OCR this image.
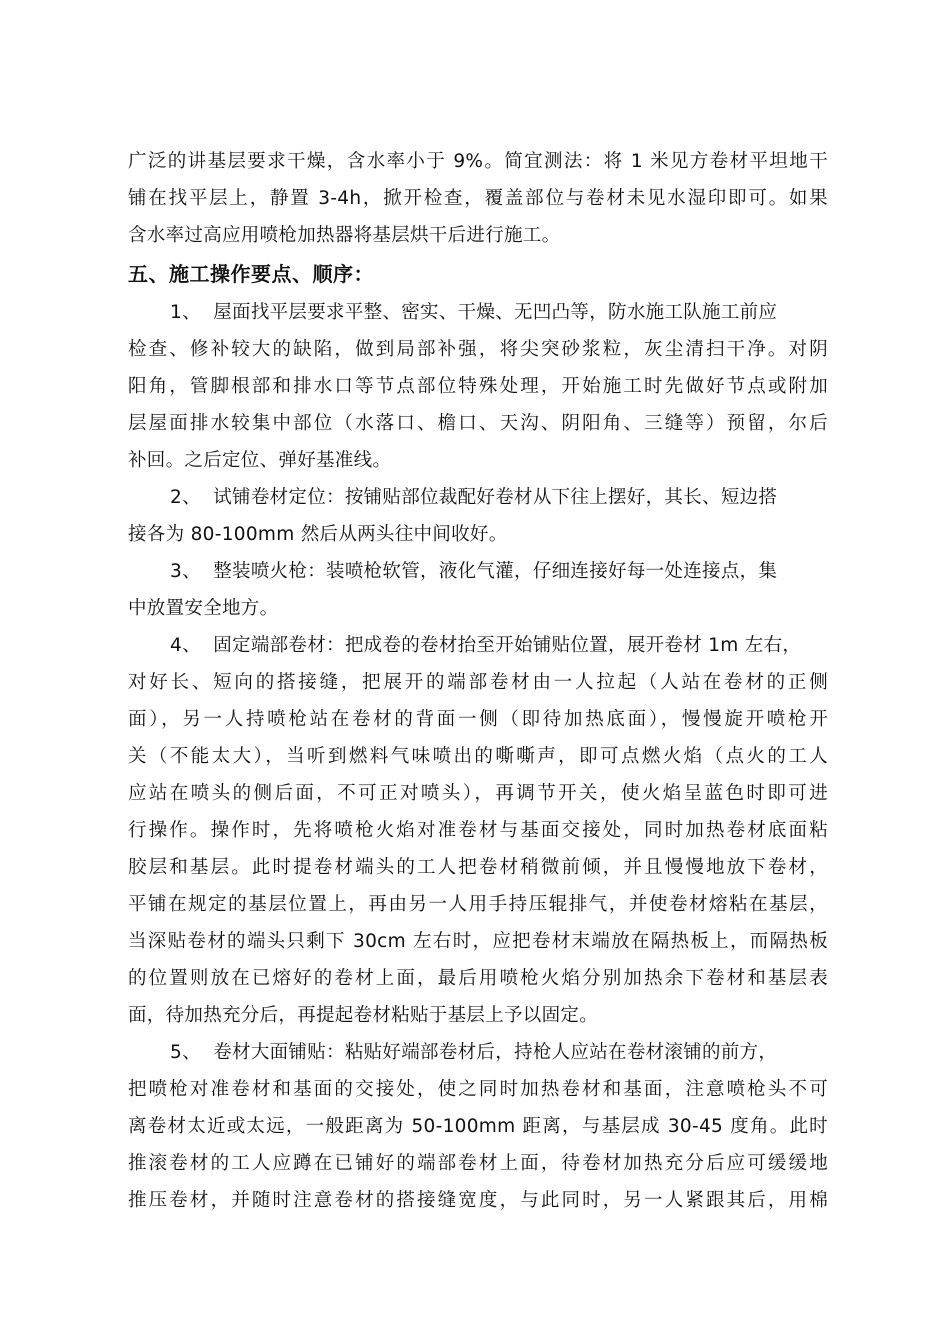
广泛的讲基层要求干燥，含水率小于 9%。简宜测法：将 1 米见方卷材平坦地干
铺在找平层上，静置 3-4h，掀开检查，覆盖部位与卷材未见水湿印即可。如果
含水率过高应用喷枪加热器将基层烘干后进行施工。
五、施工操作要点、顺序：
1、  屋面找平层要求平整、密实、干燥、无凹凸等，防水施工队施工前应
检查、修补较大的缺陷，做到局部补强，将尖突砂浆粒，灰尘清扫干净。对阴
阳角，管脚根部和排水口等节点部位特殊处理，开始施工时先做好节点或附加
层屋面排水较集中部位（水落口、檐口、天沟、阴阳角、三缝等）预留，尔后
补回。之后定位、弹好基准线。
2、  试铺卷材定位：按铺贴部位裁配好卷材从下往上摆好，其长、短边搭
接各为 80-100mm 然后从两头往中间收好。
3、  整装喷火枪：装喷枪软管，液化气灌，仔细连接好每一处连接点，集
中放置安全地方。
4、  固定端部卷材：把成卷的卷材抬至开始铺贴位置，展开卷材 1m 左右，
对好长、短向的搭接缝，把展开的端部卷材由一人拉起（人站在卷材的正侧
面），另一人持喷枪站在卷材的背面一侧（即待加热底面），慢慢旋开喷枪开
关（不能太大），当听到燃料气味喷出的嘶嘶声，即可点燃火焰（点火的工人
应站在喷头的侧后面，不可正对喷头），再调节开关，使火焰呈蓝色时即可进
行操作。操作时，先将喷枪火焰对准卷材与基面交接处，同时加热卷材底面粘
胶层和基层。此时提卷材端头的工人把卷材稍微前倾，并且慢慢地放下卷材，
平铺在规定的基层位置上，再由另一人用手持压辊排气，并使卷材熔粘在基层，
当深贴卷材的端头只剩下 30cm 左右时，应把卷材末端放在隔热板上，而隔热板
的位置则放在已熔好的卷材上面，最后用喷枪火焰分别加热余下卷材和基层表
面，待加热充分后，再提起卷材粘贴于基层上予以固定。
5、  卷材大面铺贴：粘贴好端部卷材后，持枪人应站在卷材滚铺的前方，
把喷枪对准卷材和基面的交接处，使之同时加热卷材和基面，注意喷枪头不可
离卷材太近或太远，一般距离为 50-100mm 距离，与基层成 30-45 度角。此时
推滚卷材的工人应蹲在已铺好的端部卷材上面，待卷材加热充分后应可缓缓地
推压卷材，并随时注意卷材的搭接缝宽度，与此同时，另一人紧跟其后，用棉
